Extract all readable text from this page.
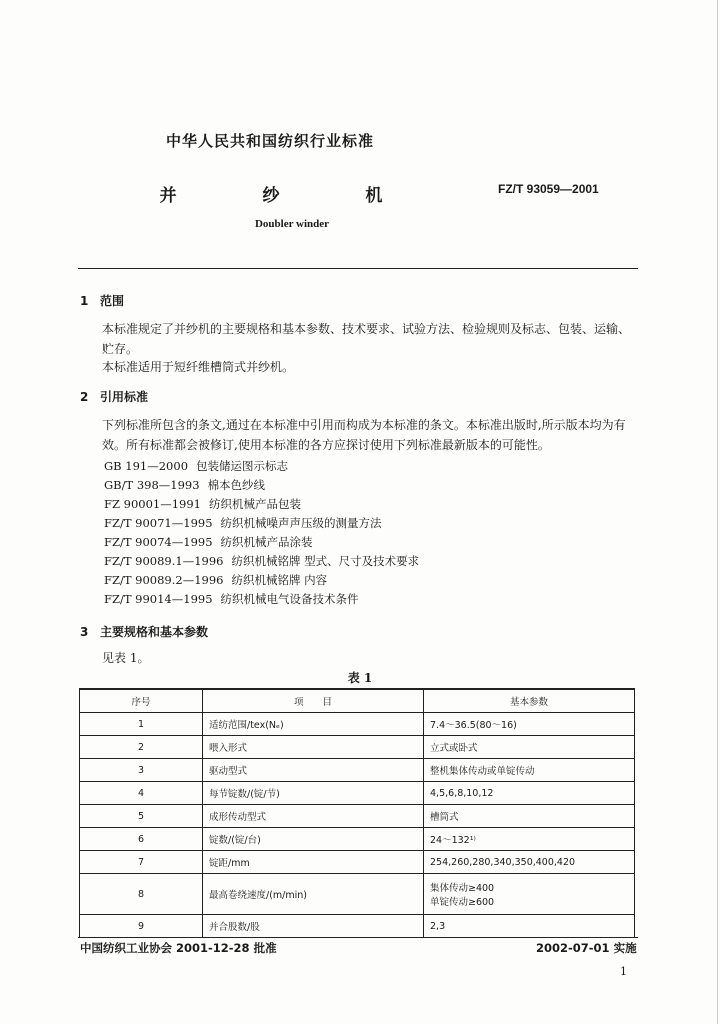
中华人民共和国纺织行业标准
并 纱 机	FZ/T 93059—2001
Doubler winder
1 范围
本标准规定了并纱机的主要规格和基本参数、技术要求、试验方法、检验规则及标志、包装、运输、贮存。
本标准适用于短纤维槽筒式并纱机。
2 引用标准
下列标准所包含的条文,通过在本标准中引用而构成为本标准的条文。本标准出版时,所示版本均为有效。所有标准都会被修订,使用本标准的各方应探讨使用下列标准最新版本的可能性。
GB 191—2000 包装储运图示标志
GB/T 398—1993 棉本色纱线
FZ 90001—1991 纺织机械产品包装
FZ/T 90071—1995 纺织机械噪声声压级的测量方法
FZ/T 90074—1995 纺织机械产品涂装
FZ/T 90089.1—1996 纺织机械铭牌 型式、尺寸及技术要求
FZ/T 90089.2—1996 纺织机械铭牌 内容
FZ/T 99014—1995 纺织机械电气设备技术条件
3 主要规格和基本参数
见表 1。
表 1
序号	项　　目	基本参数
1	适纺范围/tex(Nₑ)	7.4～36.5(80～16)
2	喂入形式	立式或卧式
3	驱动型式	整机集体传动或单锭传动
4	每节锭数/(锭/节)	4,5,6,8,10,12
5	成形传动型式	槽筒式
6	锭数/(锭/台)	24～132¹⁾
7	锭距/mm	254,260,280,340,350,400,420
8	最高卷绕速度/(m/min)	集体传动≥400
单锭传动≥600

9	并合股数/股	2,3
中国纺织工业协会 2001-12-28 批准	2002-07-01 实施
1
